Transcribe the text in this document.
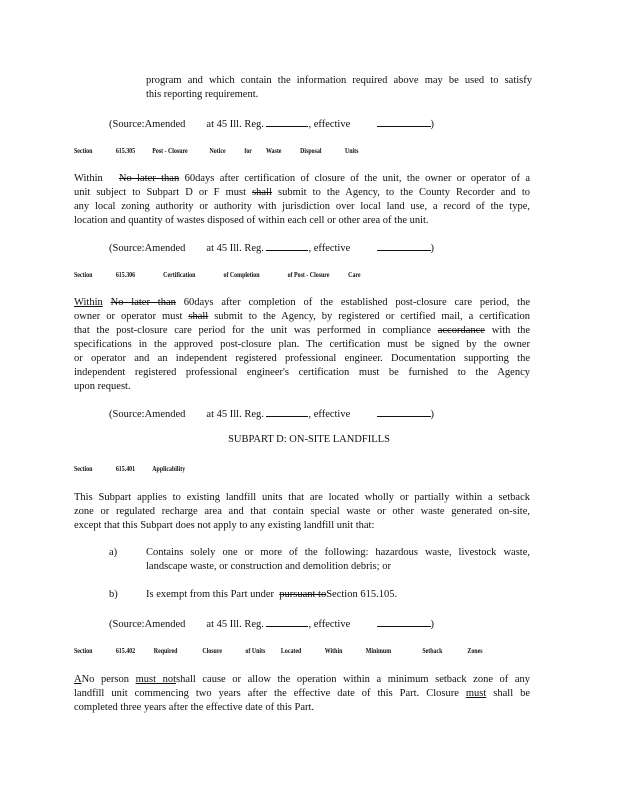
program and which contain the information required above may be used to satisfy
this reporting requirement.
(Source:Amended at 45 Ill. Reg.	, effective	)
Section	615.305 Post - Closure	Notice for Waste Disposal	Units
Within No later than 60days after certification of closure of the unit, the owner or operator of a
unit subject to Subpart D or F must shall submit to the Agency, to the County Recorder and to
any local zoning authority or authority with jurisdiction over local land use, a record of the type,
location and quantity of wastes disposed of within each cell or other area of the unit.
(Source:Amended at 45 Ill. Reg.	, effective	)
Section	615.306	Certification	of Completion	of Post - Closure Care
Within No later than 60days after completion of the established post-closure care period, the
owner or operator must shall submit to the Agency, by registered or certified mail, a certification
that the post-closure care period for the unit was performed in compliance accordance with the
specifications in the approved post-closure plan. The certification must be signed by the owner
or operator and an independent registered professional engineer. Documentation supporting the
independent registered professional engineer's certification must be furnished to the Agency
upon request.
(Source:Amended at 45 Ill. Reg.	, effective	)
SUBPART D: ON-SITE LANDFILLS
Section	615.401 Applicability
This Subpart applies to existing landfill units that are located wholly or partially within a setback
zone or regulated recharge area and that contain special waste or other waste generated on-site,
except that this Subpart does not apply to any existing landfill unit that:
a)	Contains solely one or more of the following: hazardous waste, livestock waste,
landscape waste, or construction and demolition debris; or
b)	Is exempt from this Part under pursuant toSection 615.105.
(Source:Amended at 45 Ill. Reg.	, effective	)
Section	615.402 Required	Closure	of Units Located	Within	Minimum	Setback	Zones
ANo person must notshall cause or allow the operation within a minimum setback zone of any
landfill unit commencing two years after the effective date of this Part. Closure must shall be
completed three years after the effective date of this Part.
